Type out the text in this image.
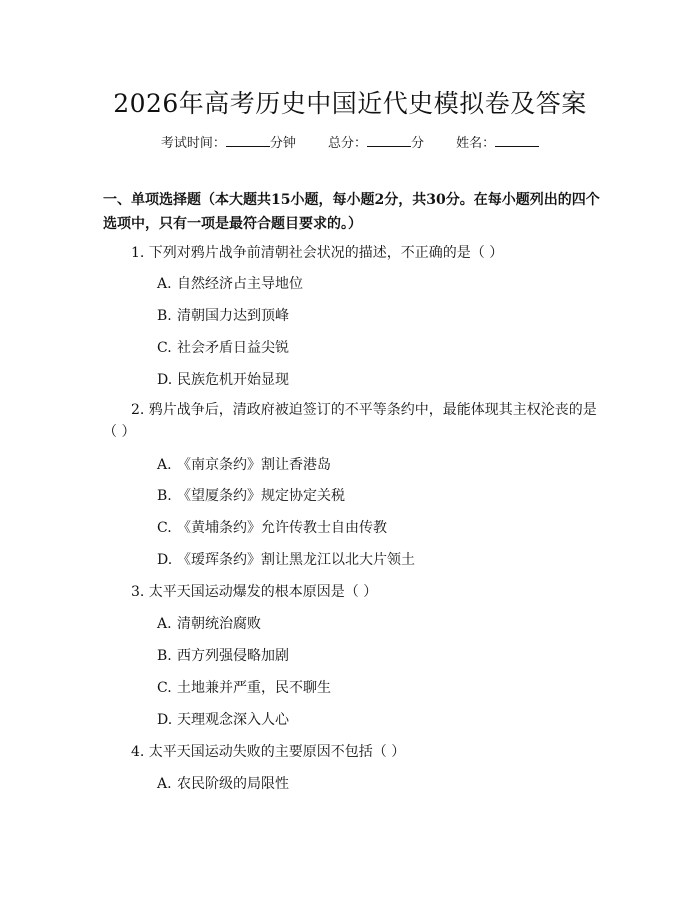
2026年高考历史中国近代史模拟卷及答案
考试时间：	分钟 总分：	分 姓名：
一、单项选择题（本大题共15小题，每小题2分，共30分。在每小题列出的四个选项中，只有一项是最符合题目要求的。）
1. 下列对鸦片战争前清朝社会状况的描述，不正确的是（ ）
A. 自然经济占主导地位
B. 清朝国力达到顶峰
C. 社会矛盾日益尖锐
D. 民族危机开始显现
2. 鸦片战争后，清政府被迫签订的不平等条约中，最能体现其主权沦丧的是（ ）
A. 《南京条约》割让香港岛
B. 《望厦条约》规定协定关税
C. 《黄埔条约》允许传教士自由传教
D. 《瑷珲条约》割让黑龙江以北大片领土
3. 太平天国运动爆发的根本原因是（ ）
A. 清朝统治腐败
B. 西方列强侵略加剧
C. 土地兼并严重，民不聊生
D. 天理观念深入人心
4. 太平天国运动失败的主要原因不包括（ ）
A. 农民阶级的局限性
